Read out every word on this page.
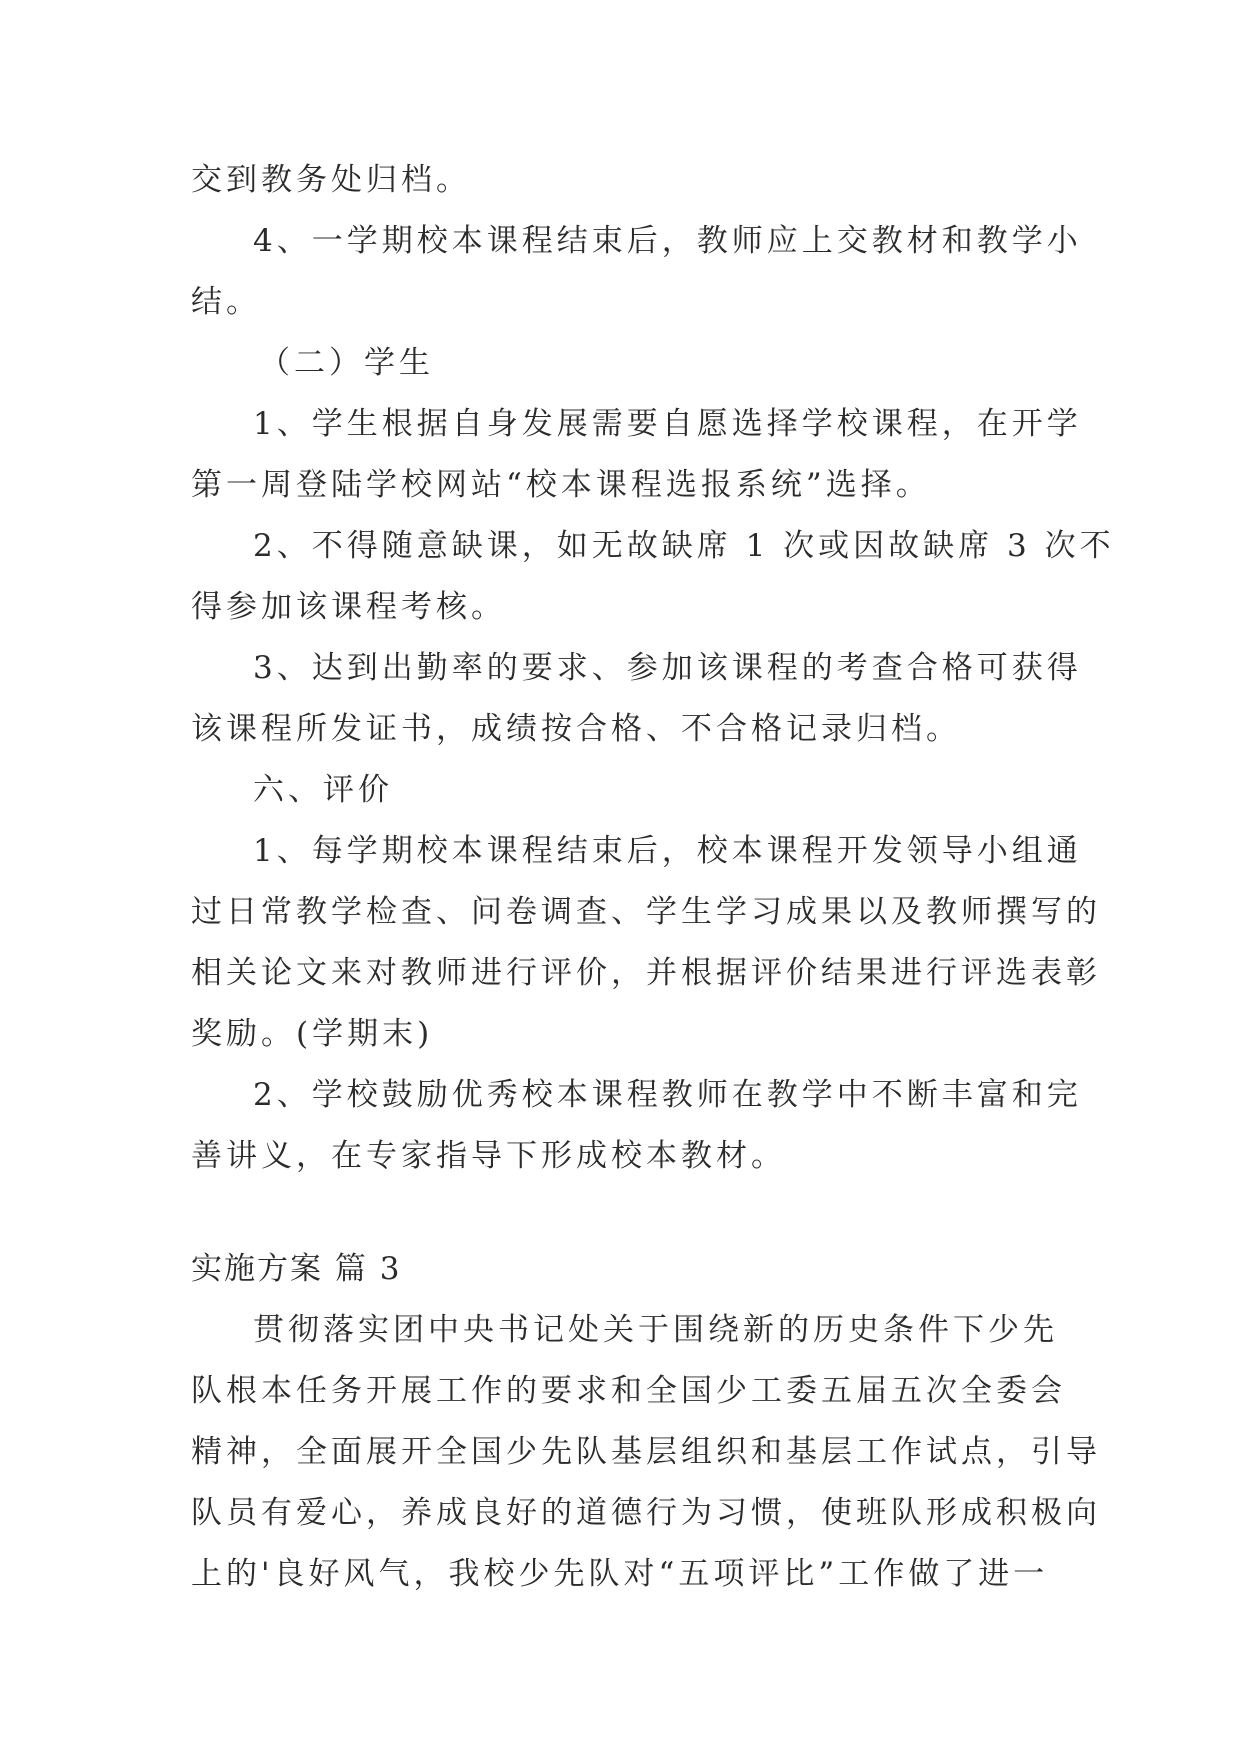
交到教务处归档。
4、一学期校本课程结束后，教师应上交教材和教学小
结。
（二）学生
1、学生根据自身发展需要自愿选择学校课程，在开学
第一周登陆学校网站“校本课程选报系统”选择。
2、不得随意缺课，如无故缺席 1 次或因故缺席 3 次不
得参加该课程考核。
3、达到出勤率的要求、参加该课程的考查合格可获得
该课程所发证书，成绩按合格、不合格记录归档。
六、评价
1、每学期校本课程结束后，校本课程开发领导小组通
过日常教学检查、问卷调查、学生学习成果以及教师撰写的
相关论文来对教师进行评价，并根据评价结果进行评选表彰
奖励。(学期末)
2、学校鼓励优秀校本课程教师在教学中不断丰富和完
善讲义，在专家指导下形成校本教材。
实施方案 篇 3
贯彻落实团中央书记处关于围绕新的历史条件下少先
队根本任务开展工作的要求和全国少工委五届五次全委会
精神，全面展开全国少先队基层组织和基层工作试点，引导
队员有爱心，养成良好的道德行为习惯，使班队形成积极向
上的'良好风气，我校少先队对“五项评比”工作做了进一
